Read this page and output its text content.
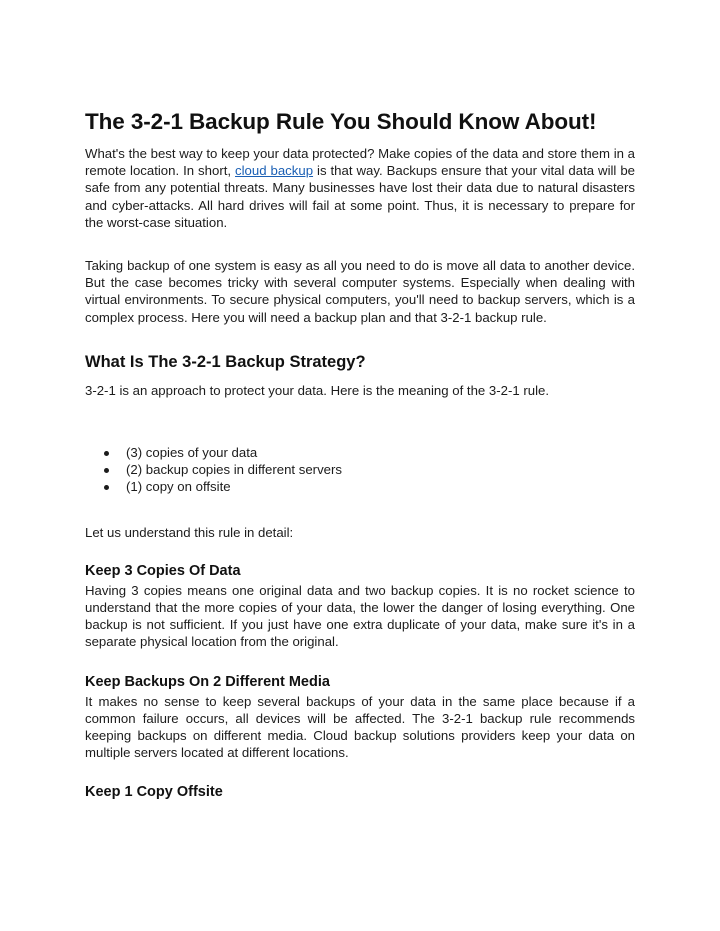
The 3-2-1 Backup Rule You Should Know About!

What's the best way to keep your data protected? Make copies of the data and store them in a remote location. In short, cloud backup is that way. Backups ensure that your vital data will be safe from any potential threats. Many businesses have lost their data due to natural disasters and cyber-attacks. All hard drives will fail at some point. Thus, it is necessary to prepare for the worst-case situation.

Taking backup of one system is easy as all you need to do is move all data to another device. But the case becomes tricky with several computer systems. Especially when dealing with virtual environments. To secure physical computers, you'll need to backup servers, which is a complex process. Here you will need a backup plan and that 3-2-1 backup rule.

What Is The 3-2-1 Backup Strategy?

3-2-1 is an approach to protect your data. Here is the meaning of the 3-2-1 rule.

(3) copies of your data
(2) backup copies in different servers
(1) copy on offsite

Let us understand this rule in detail:

Keep 3 Copies Of Data

Having 3 copies means one original data and two backup copies. It is no rocket science to understand that the more copies of your data, the lower the danger of losing everything. One backup is not sufficient. If you just have one extra duplicate of your data, make sure it's in a separate physical location from the original.

Keep Backups On 2 Different Media

It makes no sense to keep several backups of your data in the same place because if a common failure occurs, all devices will be affected. The 3-2-1 backup rule recommends keeping backups on different media. Cloud backup solutions providers keep your data on multiple servers located at different locations.

Keep 1 Copy Offsite
